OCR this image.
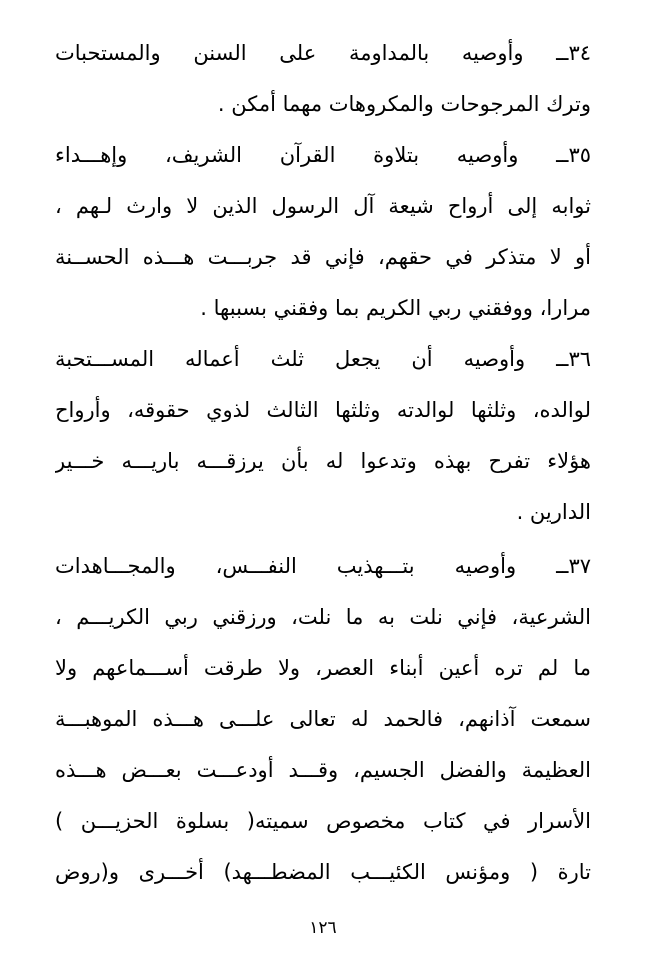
٣٤ــ وأوصيه بالمداومة على السنن والمستحبات
وترك المرجوحات والمكروهات مهما أمكن .
٣٥ــ وأوصيه بتلاوة القرآن الشريف، وإهـــداء
ثوابه إلى أرواح شيعة آل الرسول الذين لا وارث لـهم ،
أو لا متذكر في حقهم، فإني قد جربـــت هـــذه الحســنة
مرارا، ووفقني ربي الكريم بما وفقني بسببها .
٣٦ــ وأوصيه أن يجعل ثلث أعماله المســـتحبة
لوالده، وثلثها لوالدته وثلثها الثالث لذوي حقوقه، وأرواح
هؤلاء تفرح بهذه وتدعوا له بأن يرزقـــه باريـــه خـــير
الدارين .
٣٧ــ وأوصيه بتـــهذيب النفـــس، والمجـــاهدات
الشرعية، فإني نلت به ما نلت، ورزقني ربي الكريـــم ،
ما لم تره أعين أبناء العصر، ولا طرقت أســـماعهم ولا
سمعت آذانهم، فالحمد له تعالى علـــى هـــذه الموهبـــة
العظيمة والفضل الجسيم، وقـــد أودعـــت بعـــض هـــذه
الأسرار في كتاب مخصوص سميته( بسلوة الحزيـــن )
تارة ( ومؤنس الكئيـــب المضطـــهد) أخـــرى و(روض
١٢٦
